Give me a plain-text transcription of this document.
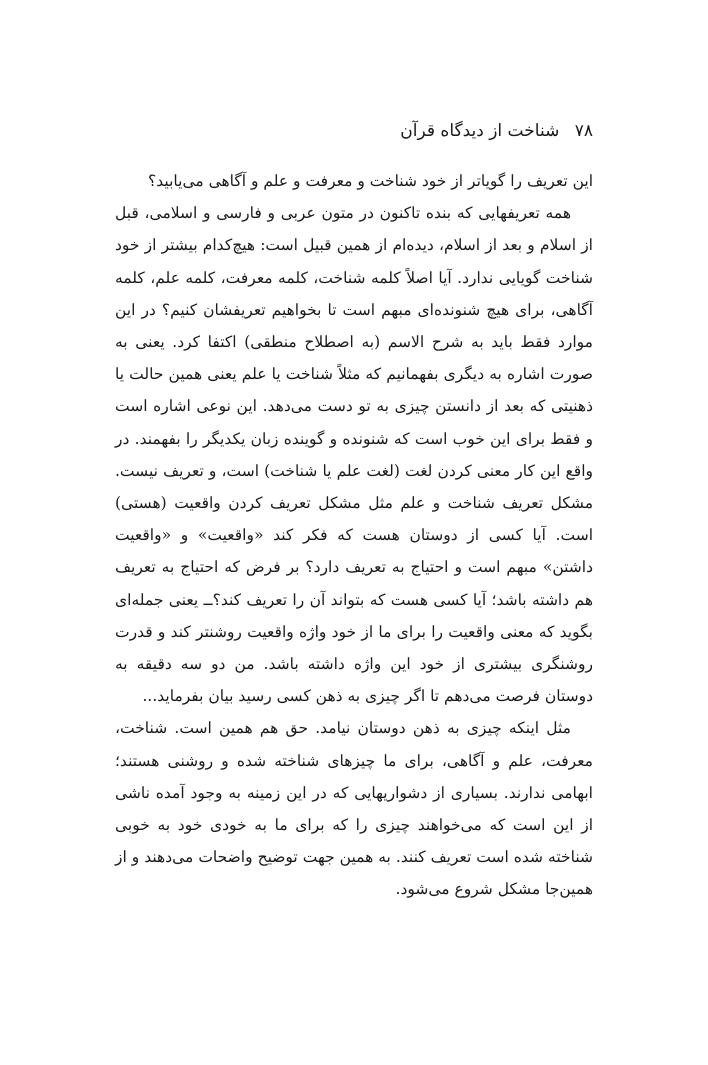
۷۸ شناخت از دیدگاه قرآن

این تعریف را گویاتر از خود شناخت و معرفت و علم و آگاهی می‌یابید؟

همه تعریفهایی که بنده تاکنون در متون عربی و فارسی و اسلامی، قبل از اسلام و بعد از اسلام، دیده‌ام از همین قبیل است: هیچ‌کدام بیشتر از خود شناخت گویایی ندارد. آیا اصلاً کلمه شناخت، کلمه معرفت، کلمه علم، کلمه آگاهی، برای هیچ شنونده‌ای مبهم است تا بخواهیم تعریفشان کنیم؟ در این موارد فقط باید به شرح الاسم (به اصطلاح منطقی) اکتفا کرد. یعنی به صورت اشاره به دیگری بفهمانیم که مثلاً شناخت یا علم یعنی همین حالت یا ذهنیتی که بعد از دانستن چیزی به تو دست می‌دهد. این نوعی اشاره است و فقط برای این خوب است که شنونده و گوینده زبان یکدیگر را بفهمند. در واقع این کار معنی کردن لغت (لغت علم یا شناخت) است، و تعریف نیست. مشکل تعریف شناخت و علم مثل مشکل تعریف کردن واقعیت (هستی) است. آیا کسی از دوستان هست که فکر کند «واقعیت» و «واقعیت داشتن» مبهم است و احتیاج به تعریف دارد؟ بر فرض که احتیاج به تعریف هم داشته باشد؛ آیا کسی هست که بتواند آن را تعریف کند؟ــ یعنی جمله‌ای بگوید که معنی واقعیت را برای ما از خود واژه واقعیت روشنتر کند و قدرت روشنگری بیشتری از خود این واژه داشته باشد. من دو سه دقیقه به دوستان فرصت می‌دهم تا اگر چیزی به ذهن کسی رسید بیان بفرماید...

مثل اینکه چیزی به ذهن دوستان نیامد. حق هم همین است. شناخت، معرفت، علم و آگاهی، برای ما چیزهای شناخته شده و روشنی هستند؛ ابهامی ندارند. بسیاری از دشواریهایی که در این زمینه به وجود آمده ناشی از این است که می‌خواهند چیزی را که برای ما به خودی خود به خوبی شناخته شده است تعریف کنند. به همین جهت توضیح واضحات می‌دهند و از همین‌جا مشکل شروع می‌شود.
